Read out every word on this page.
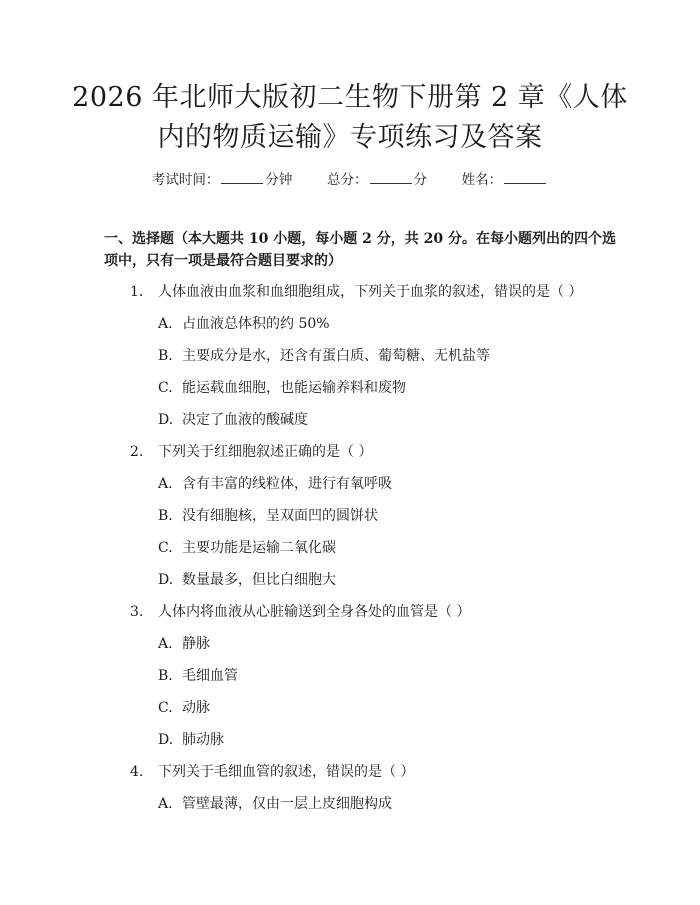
2026 年北师大版初二生物下册第 2 章《人体
内的物质运输》专项练习及答案
考试时间：	分钟	总分：	分	姓名：
一、选择题（本大题共 10 小题，每小题 2 分，共 20 分。在每小题列出的四个选项中，只有一项是最符合题目要求的）
1. 人体血液由血浆和血细胞组成，下列关于血浆的叙述，错误的是（ ）
A. 占血液总体积的约 50%
B. 主要成分是水，还含有蛋白质、葡萄糖、无机盐等
C. 能运载血细胞，也能运输养料和废物
D. 决定了血液的酸碱度
2. 下列关于红细胞叙述正确的是（ ）
A. 含有丰富的线粒体，进行有氧呼吸
B. 没有细胞核，呈双面凹的圆饼状
C. 主要功能是运输二氧化碳
D. 数量最多，但比白细胞大
3. 人体内将血液从心脏输送到全身各处的血管是（ ）
A. 静脉
B. 毛细血管
C. 动脉
D. 肺动脉
4. 下列关于毛细血管的叙述，错误的是（ ）
A. 管壁最薄，仅由一层上皮细胞构成
